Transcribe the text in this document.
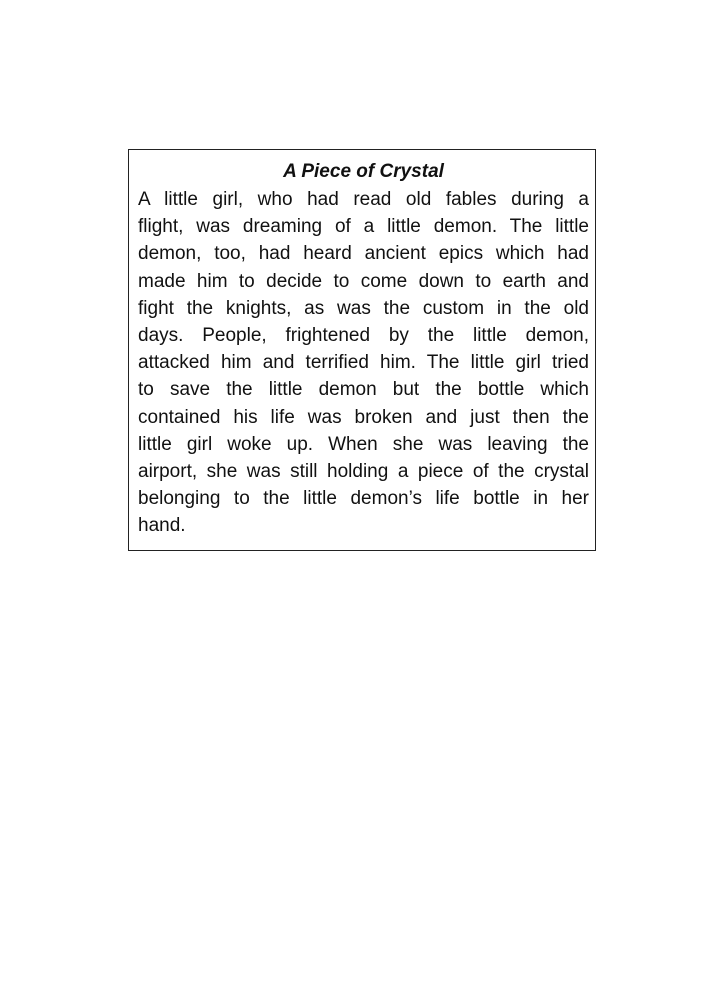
A Piece of Crystal
A little girl, who had read old fables during a
flight, was dreaming of a little demon. The little
demon, too, had heard ancient epics which had
made him to decide to come down to earth and
fight the knights, as was the custom in the old
days. People, frightened by the little demon,
attacked him and terrified him. The little girl tried
to save the little demon but the bottle which
contained his life was broken and just then the
little girl woke up. When she was leaving the
airport, she was still holding a piece of the crystal
belonging to the little demon’s life bottle in her
hand.
